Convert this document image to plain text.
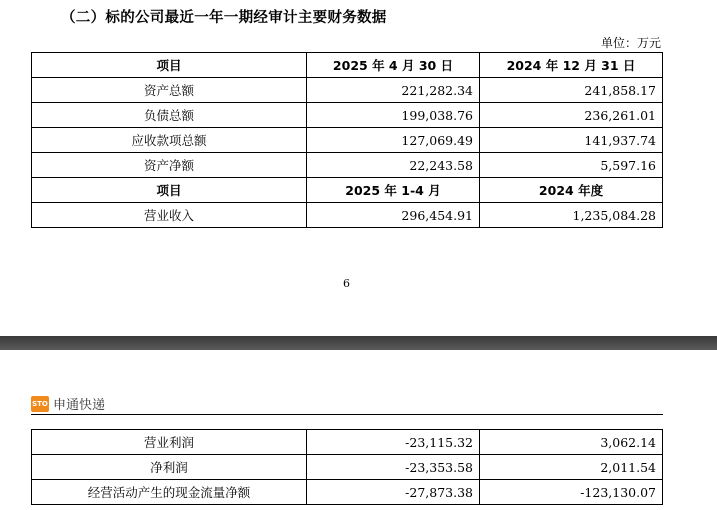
（二）标的公司最近一年一期经审计主要财务数据
单位：万元
项目	2025 年 4 月 30 日	2024 年 12 月 31 日
资产总额	221,282.34	241,858.17
负债总额	199,038.76	236,261.01
应收款项总额	127,069.49	141,937.74
资产净额	22,243.58	5,597.16
项目	2025 年 1-4 月	2024 年度
营业收入	296,454.91	1,235,084.28
6
STO 申通快递
营业利润	-23,115.32	3,062.14
净利润	-23,353.58	2,011.54
经营活动产生的现金流量净额	-27,873.38	-123,130.07
